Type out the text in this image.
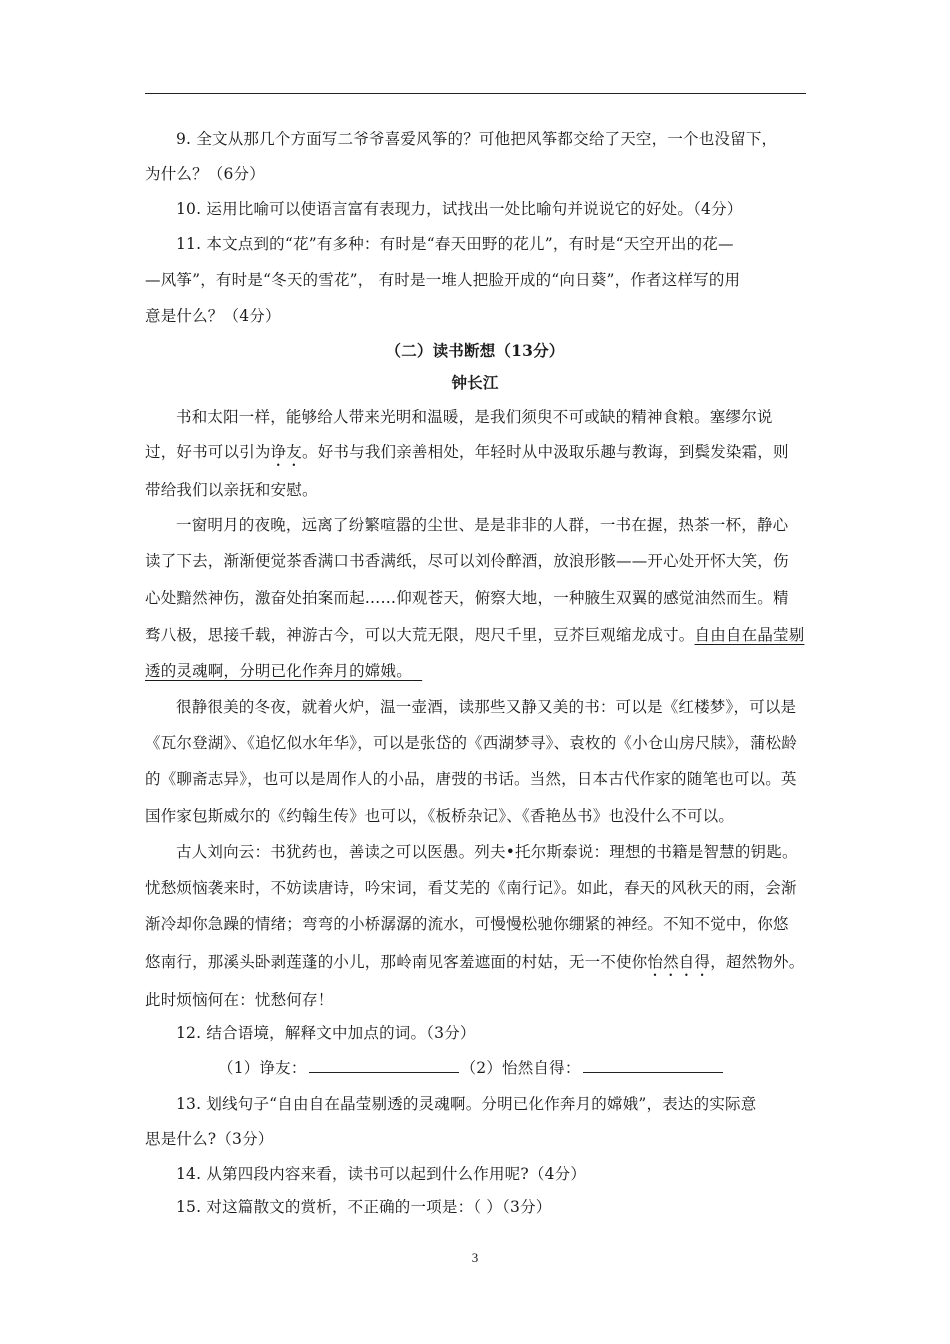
9. 全文从那几个方面写二爷爷喜爱风筝的？可他把风筝都交给了天空，一个也没留下，
为什么？（6分）
10. 运用比喻可以使语言富有表现力，试找出一处比喻句并说说它的好处。（4分）
11. 本文点到的“花”有多种：有时是“春天田野的花儿”，有时是“天空开出的花—
—风筝”，有时是“冬天的雪花”， 有时是一堆人把脸开成的“向日葵”，作者这样写的用
意是什么？（4分）
（二）读书断想（13分）
钟长江
书和太阳一样，能够给人带来光明和温暖，是我们须臾不可或缺的精神食粮。塞缪尔说
过，好书可以引为诤友。好书与我们亲善相处，年轻时从中汲取乐趣与教诲，到鬓发染霜，则
带给我们以亲抚和安慰。
一窗明月的夜晚，远离了纷繁喧嚣的尘世、是是非非的人群，一书在握，热茶一杯，静心
读了下去，渐渐便觉茶香满口书香满纸，尽可以刘伶醉酒，放浪形骸——开心处开怀大笑，伤
心处黯然神伤，激奋处拍案而起……仰观苍天，俯察大地，一种腋生双翼的感觉油然而生。精
骛八极，思接千载，神游古今，可以大荒无限，咫尺千里，豆芥巨观缩龙成寸。自由自在晶莹剔
透的灵魂啊，分明已化作奔月的嫦娥。
很静很美的冬夜，就着火炉，温一壶酒，读那些又静又美的书：可以是《红楼梦》，可以是
《瓦尔登湖》、《追忆似水年华》，可以是张岱的《西湖梦寻》、袁枚的《小仓山房尺牍》，蒲松龄
的《聊斋志异》，也可以是周作人的小品，唐弢的书话。当然，日本古代作家的随笔也可以。英
国作家包斯威尔的《约翰生传》也可以，《板桥杂记》、《香艳丛书》也没什么不可以。
古人刘向云：书犹药也，善读之可以医愚。列夫•托尔斯泰说：理想的书籍是智慧的钥匙。
忧愁烦恼袭来时，不妨读唐诗，吟宋词，看艾芜的《南行记》。如此，春天的风秋天的雨，会渐
渐冷却你急躁的情绪；弯弯的小桥潺潺的流水，可慢慢松驰你绷紧的神经。不知不觉中，你悠
悠南行，那溪头卧剥莲蓬的小儿，那岭南见客羞遮面的村姑，无一不使你怡然自得，超然物外。
此时烦恼何在：忧愁何存！
12. 结合语境，解释文中加点的词。（3分）
（1）诤友：	（2）怡然自得：
13. 划线句子“自由自在晶莹剔透的灵魂啊。分明已化作奔月的嫦娥”，表达的实际意
思是什么?（3分）
14. 从第四段内容来看，读书可以起到什么作用呢?（4分）
15. 对这篇散文的赏析，不正确的一项是：（ ）（3分）
3
